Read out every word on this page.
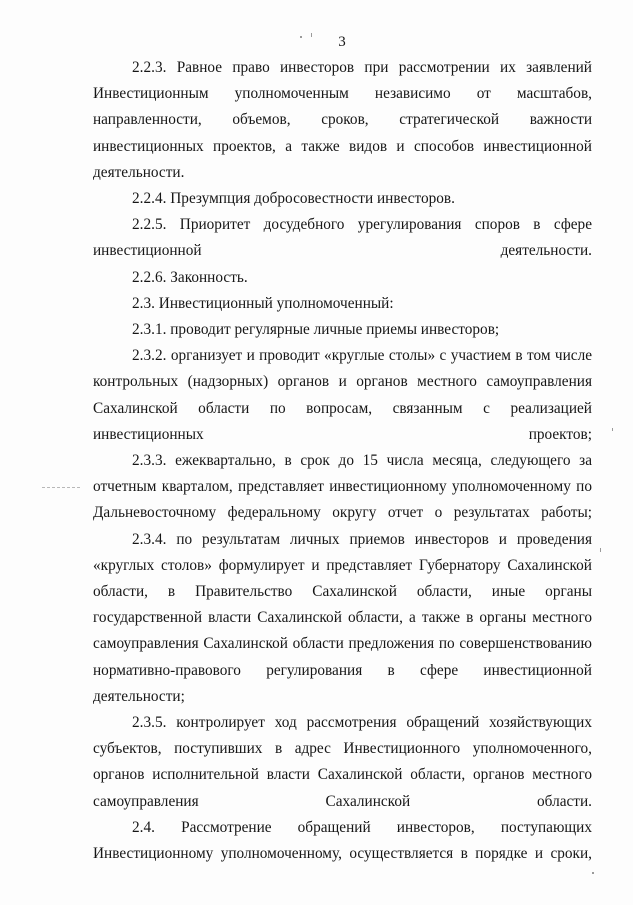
3

2.2.3. Равное право инвесторов при рассмотрении их заявлений Инвестиционным уполномоченным независимо от масштабов, направленности, объемов, сроков, стратегической важности инвестиционных проектов, а также видов и способов инвестиционной деятельности.

2.2.4. Презумпция добросовестности инвесторов.

2.2.5. Приоритет досудебного урегулирования споров в сфере инвестиционной деятельности.

2.2.6. Законность.

2.3. Инвестиционный уполномоченный:

2.3.1. проводит регулярные личные приемы инвесторов;

2.3.2. организует и проводит «круглые столы» с участием в том числе контрольных (надзорных) органов и органов местного самоуправления Сахалинской области по вопросам, связанным с реализацией инвестиционных проектов;

2.3.3. ежеквартально, в срок до 15 числа месяца, следующего за отчетным кварталом, представляет инвестиционному уполномоченному по Дальневосточному федеральному округу отчет о результатах работы;

2.3.4. по результатам личных приемов инвесторов и проведения «круглых столов» формулирует и представляет Губернатору Сахалинской области, в Правительство Сахалинской области, иные органы государственной власти Сахалинской области, а также в органы местного самоуправления Сахалинской области предложения по совершенствованию нормативно-правового регулирования в сфере инвестиционной деятельности;

2.3.5. контролирует ход рассмотрения обращений хозяйствующих субъектов, поступивших в адрес Инвестиционного уполномоченного, органов исполнительной власти Сахалинской области, органов местного самоуправления Сахалинской области.

2.4. Рассмотрение обращений инвесторов, поступающих Инвестиционному уполномоченному, осуществляется в порядке и сроки,
